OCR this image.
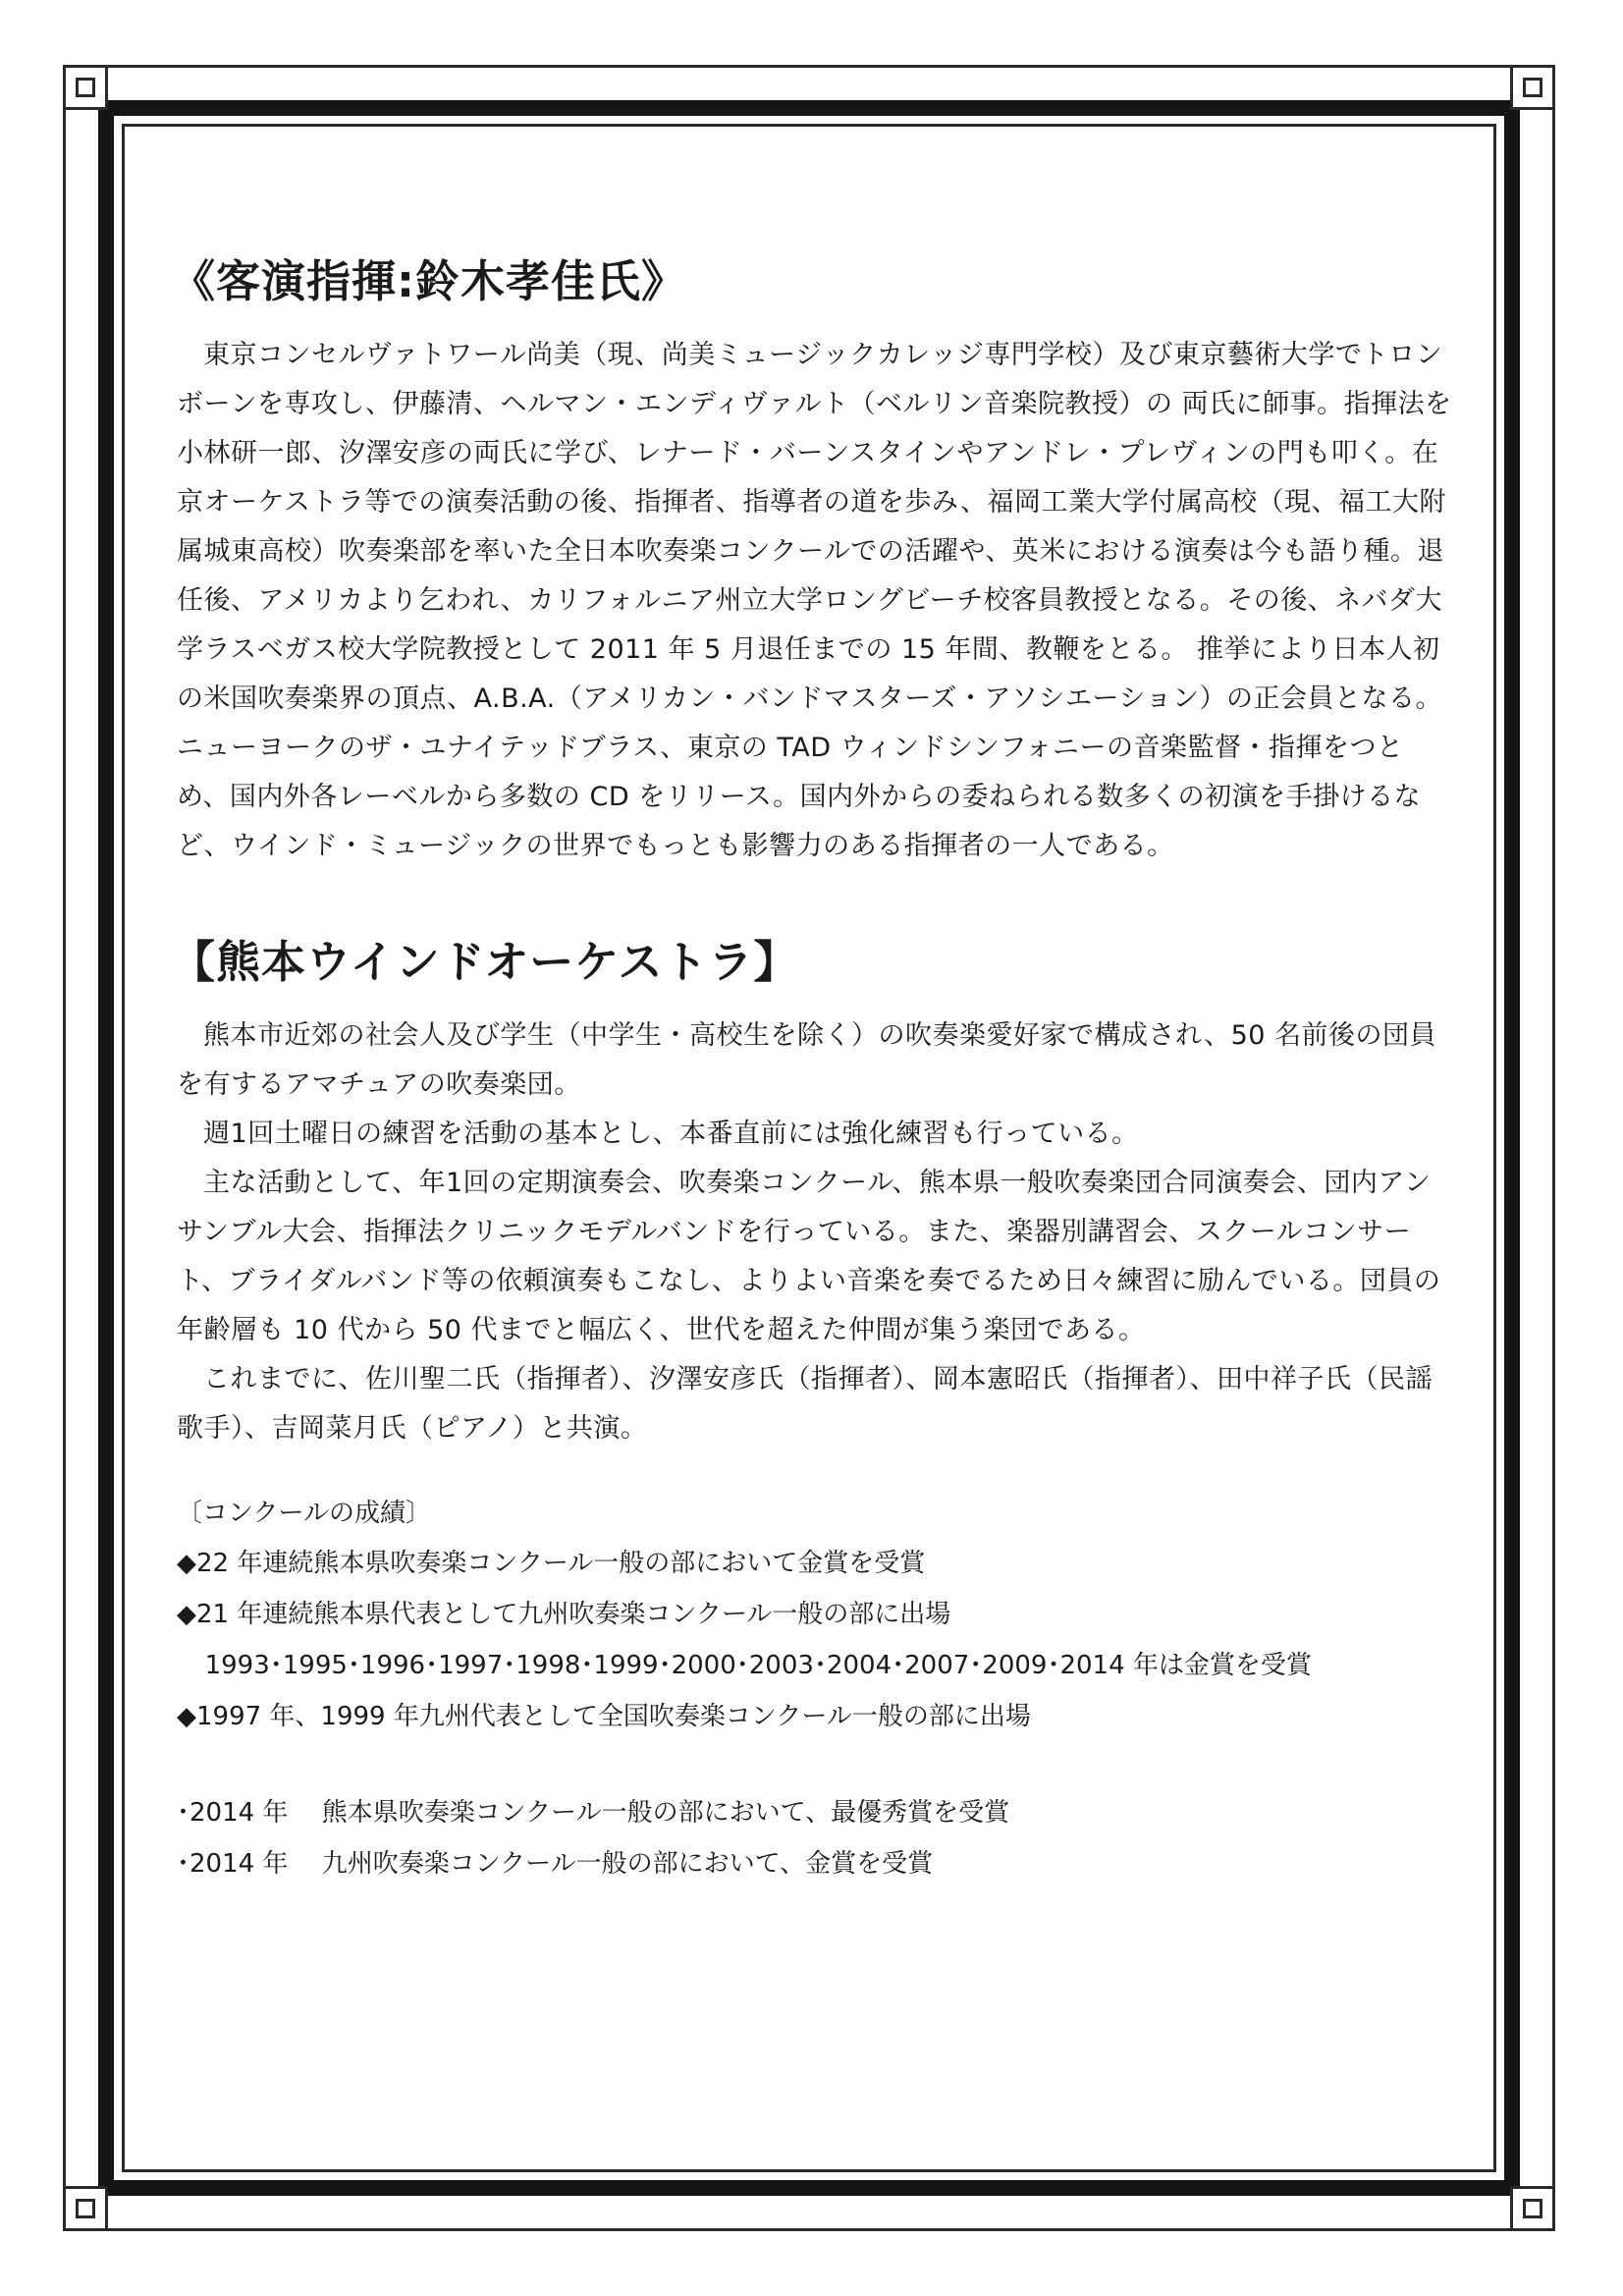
《客演指揮:鈴木孝佳氏》

東京コンセルヴァトワール尚美（現、尚美ミュージックカレッジ専門学校）及び東京藝術大学でトロンボーンを専攻し、伊藤清、ヘルマン・エンディヴァルト（ベルリン音楽院教授）の 両氏に師事。指揮法を小林研一郎、汐澤安彦の両氏に学び、レナード・バーンスタインやアンドレ・プレヴィンの門も叩く。在京オーケストラ等での演奏活動の後、指揮者、指導者の道を歩み、福岡工業大学付属高校（現、福工大附属城東高校）吹奏楽部を率いた全日本吹奏楽コンクールでの活躍や、英米における演奏は今も語り種。退任後、アメリカより乞われ、カリフォルニア州立大学ロングビーチ校客員教授となる。その後、ネバダ大学ラスベガス校大学院教授として 2011 年 5 月退任までの 15 年間、教鞭をとる。 推挙により日本人初の米国吹奏楽界の頂点、A.B.A.（アメリカン・バンドマスターズ・アソシエーション）の正会員となる。ニューヨークのザ・ユナイテッドブラス、東京の TAD ウィンドシンフォニーの音楽監督・指揮をつとめ、国内外各レーベルから多数の CD をリリース。国内外からの委ねられる数多くの初演を手掛けるなど、ウインド・ミュージックの世界でもっとも影響力のある指揮者の一人である。

【熊本ウインドオーケストラ】

熊本市近郊の社会人及び学生（中学生・高校生を除く）の吹奏楽愛好家で構成され、50 名前後の団員を有するアマチュアの吹奏楽団。

週1回土曜日の練習を活動の基本とし、本番直前には強化練習も行っている。

主な活動として、年1回の定期演奏会、吹奏楽コンクール、熊本県一般吹奏楽団合同演奏会、団内アンサンブル大会、指揮法クリニックモデルバンドを行っている。また、楽器別講習会、スクールコンサート、ブライダルバンド等の依頼演奏もこなし、よりよい音楽を奏でるため日々練習に励んでいる。団員の年齢層も 10 代から 50 代までと幅広く、世代を超えた仲間が集う楽団である。

これまでに、佐川聖二氏（指揮者）、汐澤安彦氏（指揮者）、岡本憲昭氏（指揮者）、田中祥子氏（民謡歌手）、吉岡菜月氏（ピアノ）と共演。

〔コンクールの成績〕
◆22 年連続熊本県吹奏楽コンクール一般の部において金賞を受賞
◆21 年連続熊本県代表として九州吹奏楽コンクール一般の部に出場
1993･1995･1996･1997･1998･1999･2000･2003･2004･2007･2009･2014 年は金賞を受賞
◆1997 年、1999 年九州代表として全国吹奏楽コンクール一般の部に出場
･2014 年　 熊本県吹奏楽コンクール一般の部において、最優秀賞を受賞
･2014 年　 九州吹奏楽コンクール一般の部において、金賞を受賞
